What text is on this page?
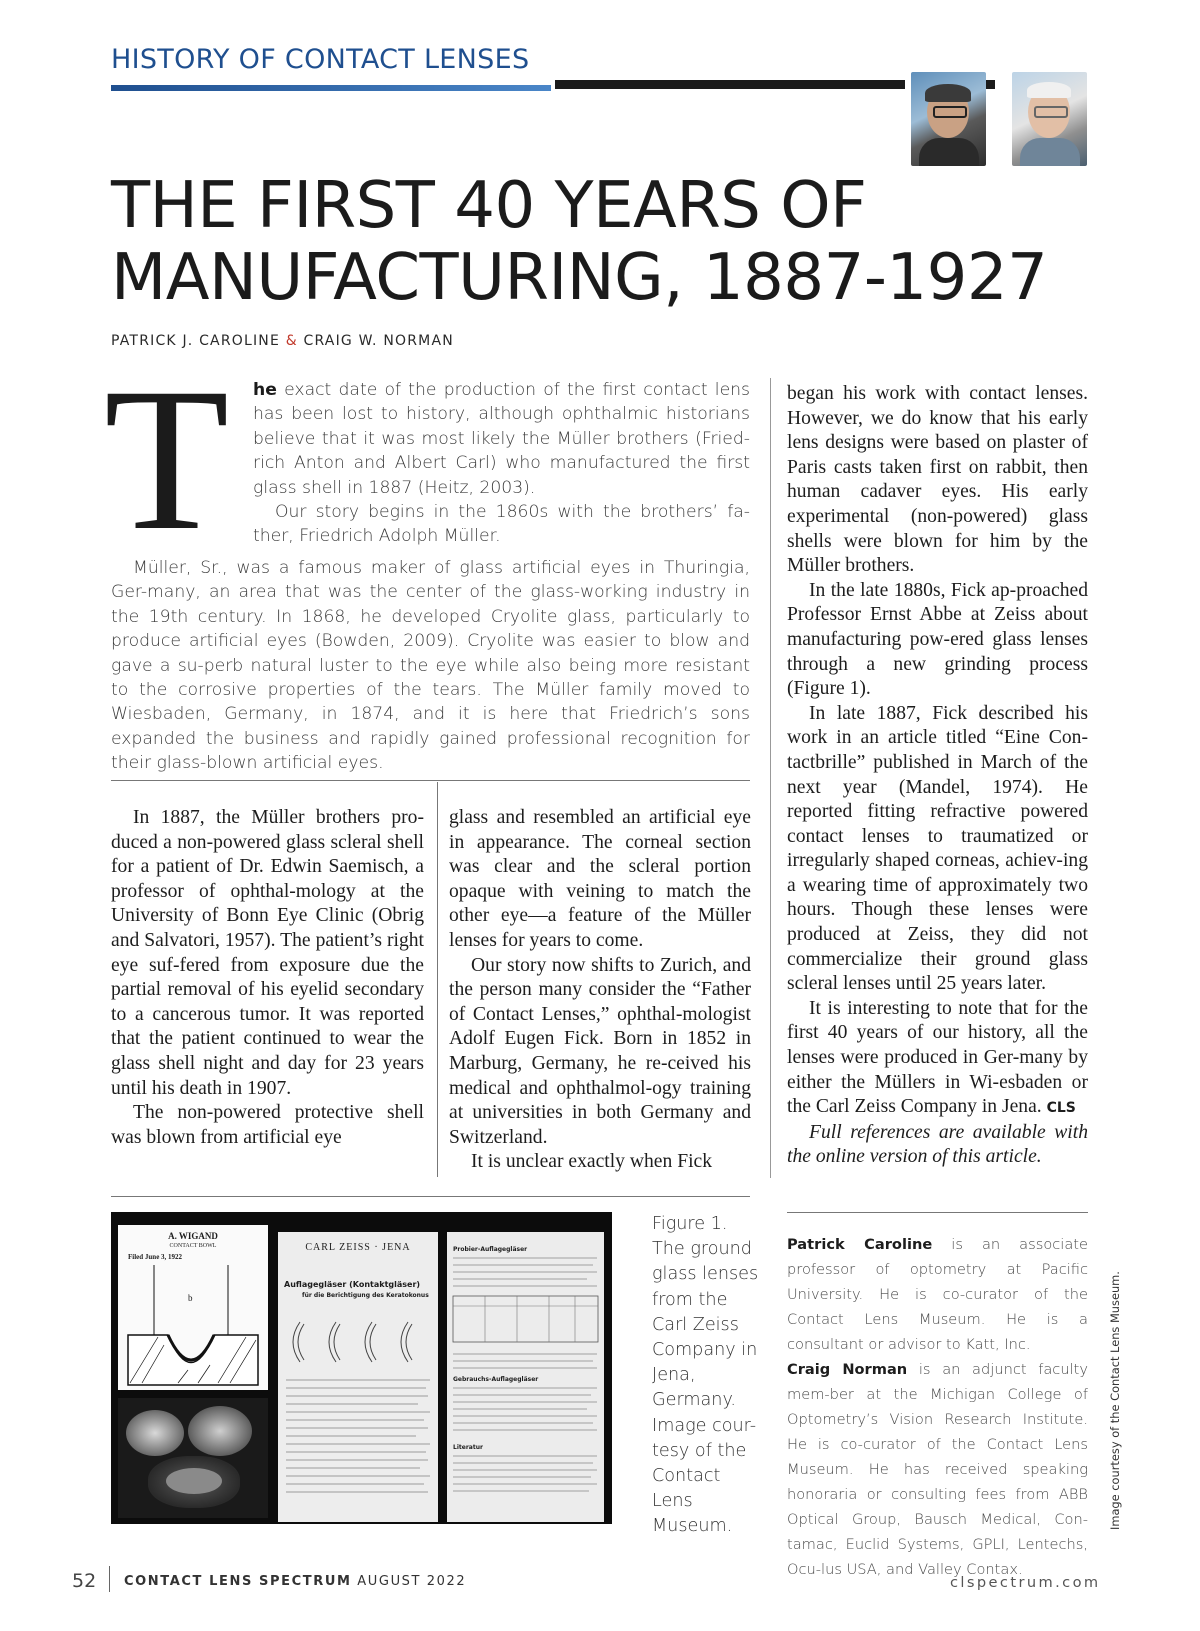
HISTORY OF CONTACT LENSES
THE FIRST 40 YEARS OF
MANUFACTURING, 1887-1927
PATRICK J. CAROLINE & CRAIG W. NORMAN
T he exact date of the production of the first contact lens has been lost to history, although ophthalmic historians believe that it was most likely the Müller brothers (Fried-rich Anton and Albert Carl) who manufactured the first glass shell in 1887 (Heitz, 2003).
Our story begins in the 1860s with the brothers’ fa-ther, Friedrich Adolph Müller.

Müller, Sr., was a famous maker of glass artificial eyes in Thuringia, Ger-many, an area that was the center of the glass-working industry in the 19th century. In 1868, he developed Cryolite glass, particularly to produce artificial eyes (Bowden, 2009). Cryolite was easier to blow and gave a su-perb natural luster to the eye while also being more resistant to the corrosive properties of the tears. The Müller family moved to Wiesbaden, Germany, in 1874, and it is here that Friedrich’s sons expanded the business and rapidly gained professional recognition for their glass-blown artificial eyes.

In 1887, the Müller brothers pro-duced a non-powered glass scleral shell for a patient of Dr. Edwin Saemisch, a professor of ophthal-mology at the University of Bonn Eye Clinic (Obrig and Salvatori, 1957). The patient’s right eye suf-fered from exposure due the partial removal of his eyelid secondary to a cancerous tumor. It was reported that the patient continued to wear the glass shell night and day for 23 years until his death in 1907.

The non-powered protective shell was blown from artificial eye

glass and resembled an artificial eye in appearance. The corneal section was clear and the scleral portion opaque with veining to match the other eye—a feature of the Müller lenses for years to come.

Our story now shifts to Zurich, and the person many consider the “Father of Contact Lenses,” ophthal-mologist Adolf Eugen Fick. Born in 1852 in Marburg, Germany, he re-ceived his medical and ophthalmol-ogy training at universities in both Germany and Switzerland.

It is unclear exactly when Fick

began his work with contact lenses. However, we do know that his early lens designs were based on plaster of Paris casts taken first on rabbit, then human cadaver eyes. His early experimental (non-powered) glass shells were blown for him by the Müller brothers.

In the late 1880s, Fick ap-proached Professor Ernst Abbe at Zeiss about manufacturing pow-ered glass lenses through a new grinding process (Figure 1).

In late 1887, Fick described his work in an article titled “Eine Con-tactbrille” published in March of the next year (Mandel, 1974). He reported fitting refractive powered contact lenses to traumatized or irregularly shaped corneas, achiev-ing a wearing time of approximately two hours. Though these lenses were produced at Zeiss, they did not commercialize their ground glass scleral lenses until 25 years later.

It is interesting to note that for the first 40 years of our history, all the lenses were produced in Ger-many by either the Müllers in Wi-esbaden or the Carl Zeiss Company in Jena. CLS

Full references are available with the online version of this article.

A. WIGAND
CONTACT BOWL
Filed June 3, 1922
b
CARL ZEISS · JENA
Auflagegläser (Kontaktgläser)
für die Berichtigung des Keratokonus
Probier-Auflagegläser
Gebrauchs-Auflagegläser
Literatur
Figure 1. The ground glass lenses from the Carl Zeiss Company in Jena, Germany. Image cour-tesy of the Contact Lens Museum.

Patrick Caroline is an associate professor of optometry at Pacific University. He is co-curator of the Contact Lens Museum. He is a consultant or advisor to Katt, Inc.

Craig Norman is an adjunct faculty mem-ber at the Michigan College of Optometry’s Vision Research Institute. He is co-curator of the Contact Lens Museum. He has received speaking honoraria or consulting fees from ABB Optical Group, Bausch Medical, Con-tamac, Euclid Systems, GPLI, Lentechs, Ocu-lus USA, and Valley Contax.

Image courtesy of the Contact Lens Museum.
52 CONTACT LENS SPECTRUM AUGUST 2022	clspectrum.com
